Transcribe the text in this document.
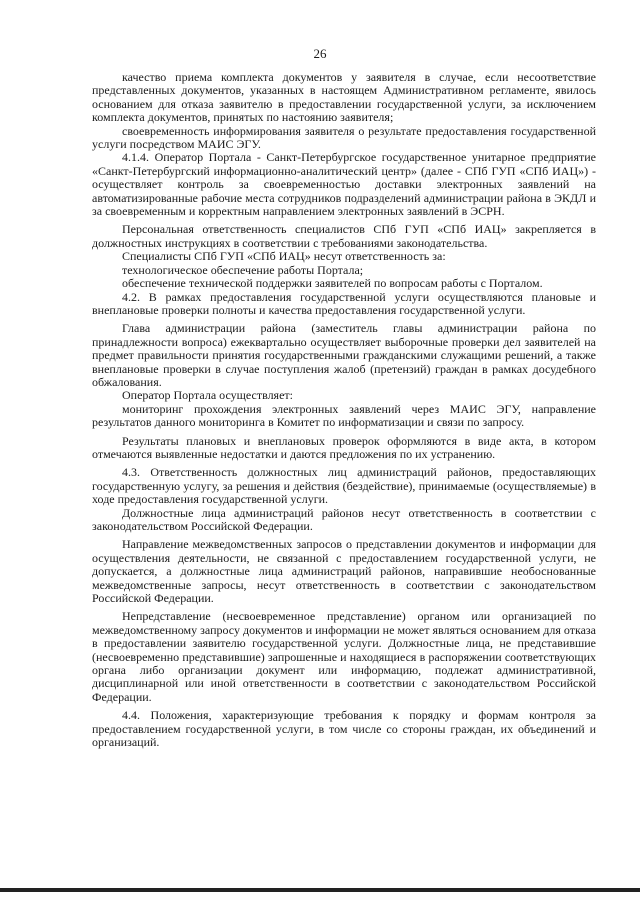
26

качество приема комплекта документов у заявителя в случае, если несоответствие представленных документов, указанных в настоящем Административном регламенте, явилось основанием для отказа заявителю в предоставлении государственной услуги, за исключением комплекта документов, принятых по настоянию заявителя;

своевременность информирования заявителя о результате предоставления государственной услуги посредством МАИС ЭГУ.

4.1.4. Оператор Портала - Санкт-Петербургское государственное унитарное предприятие «Санкт-Петербургский информационно-аналитический центр» (далее - СПб ГУП «СПб ИАЦ») - осуществляет контроль за своевременностью доставки электронных заявлений на автоматизированные рабочие места сотрудников подразделений администрации района в ЭКДЛ и за своевременным и корректным направлением электронных заявлений в ЭСРН.

Персональная ответственность специалистов СПб ГУП «СПб ИАЦ» закрепляется в должностных инструкциях в соответствии с требованиями законодательства.

Специалисты СПб ГУП «СПб ИАЦ» несут ответственность за:

технологическое обеспечение работы Портала;

обеспечение технической поддержки заявителей по вопросам работы с Порталом.

4.2. В рамках предоставления государственной услуги осуществляются плановые и внеплановые проверки полноты и качества предоставления государственной услуги.

Глава администрации района (заместитель главы администрации района по принадлежности вопроса) ежеквартально осуществляет выборочные проверки дел заявителей на предмет правильности принятия государственными гражданскими служащими решений, а также внеплановые проверки в случае поступления жалоб (претензий) граждан в рамках досудебного обжалования.

Оператор Портала осуществляет:

мониторинг прохождения электронных заявлений через МАИС ЭГУ, направление результатов данного мониторинга в Комитет по информатизации и связи по запросу.

Результаты плановых и внеплановых проверок оформляются в виде акта, в котором отмечаются выявленные недостатки и даются предложения по их устранению.

4.3. Ответственность должностных лиц администраций районов, предоставляющих государственную услугу, за решения и действия (бездействие), принимаемые (осуществляемые) в ходе предоставления государственной услуги.

Должностные лица администраций районов несут ответственность в соответствии с законодательством Российской Федерации.

Направление межведомственных запросов о представлении документов и информации для осуществления деятельности, не связанной с предоставлением государственной услуги, не допускается, а должностные лица администраций районов, направившие необоснованные межведомственные запросы, несут ответственность в соответствии с законодательством Российской Федерации.

Непредставление (несвоевременное представление) органом или организацией по межведомственному запросу документов и информации не может являться основанием для отказа в предоставлении заявителю государственной услуги. Должностные лица, не представившие (несвоевременно представившие) запрошенные и находящиеся в распоряжении соответствующих органа либо организации документ или информацию, подлежат административной, дисциплинарной или иной ответственности в соответствии с законодательством Российской Федерации.

4.4. Положения, характеризующие требования к порядку и формам контроля за предоставлением государственной услуги, в том числе со стороны граждан, их объединений и организаций.
